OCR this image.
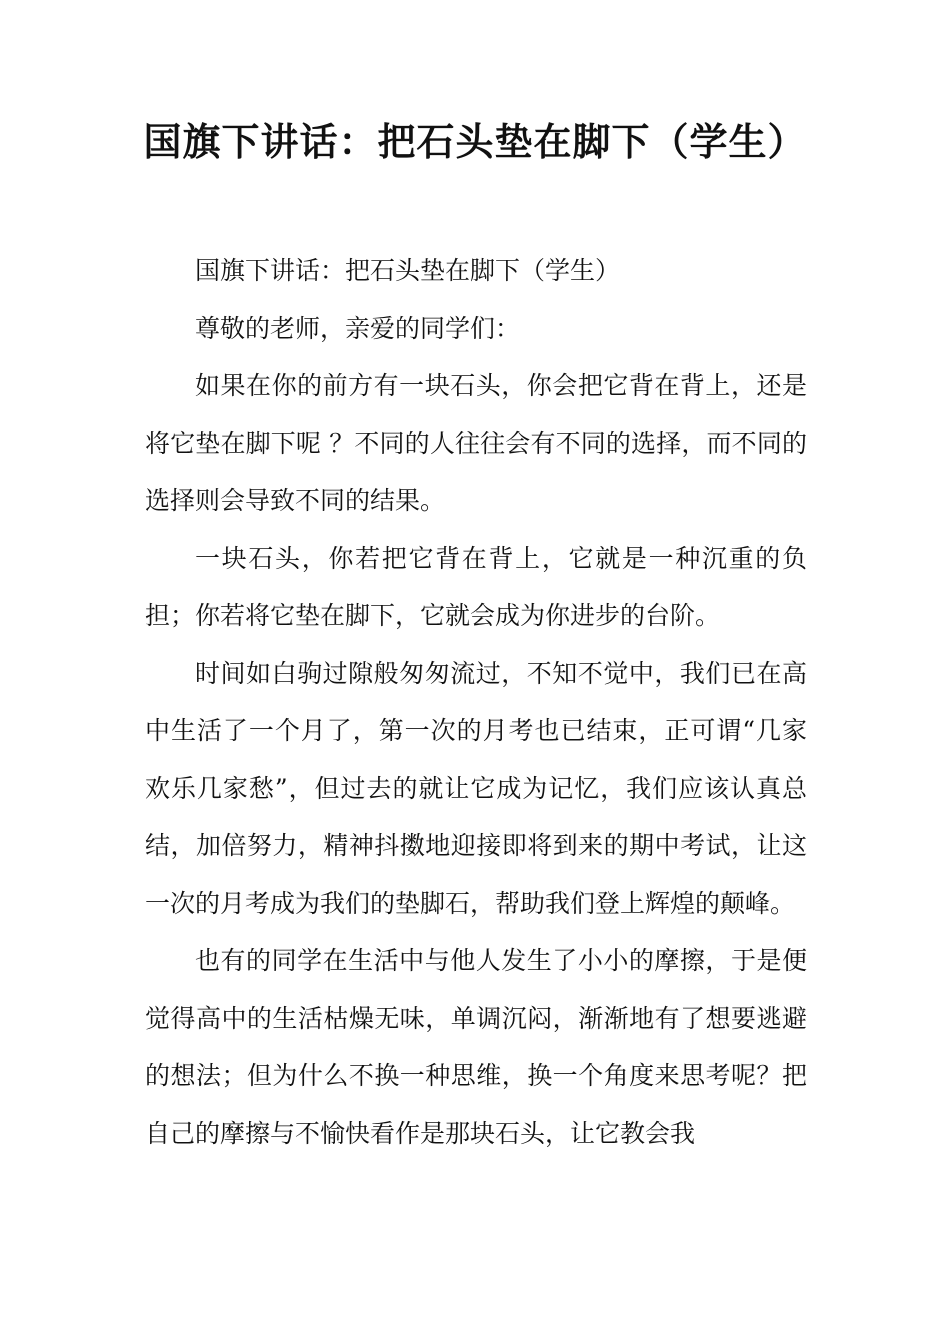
国旗下讲话：把石头垫在脚下（学生）

国旗下讲话：把石头垫在脚下（学生）

尊敬的老师，亲爱的同学们：

如果在你的前方有一块石头，你会把它背在背上，还是将它垫在脚下呢 ？不同的人往往会有不同的选择，而不同的选择则会导致不同的结果。

一块石头，你若把它背在背上，它就是一种沉重的负担；你若将它垫在脚下，它就会成为你进步的台阶。

时间如白驹过隙般匆匆流过，不知不觉中，我们已在高中生活了一个月了，第一次的月考也已结束，正可谓“几家欢乐几家愁”，但过去的就让它成为记忆，我们应该认真总结，加倍努力，精神抖擞地迎接即将到来的期中考试，让这一次的月考成为我们的垫脚石，帮助我们登上辉煌的颠峰。

也有的同学在生活中与他人发生了小小的摩擦，于是便觉得高中的生活枯燥无味，单调沉闷，渐渐地有了想要逃避的想法；但为什么不换一种思维，换一个角度来思考呢？把自己的摩擦与不愉快看作是那块石头，让它教会我
